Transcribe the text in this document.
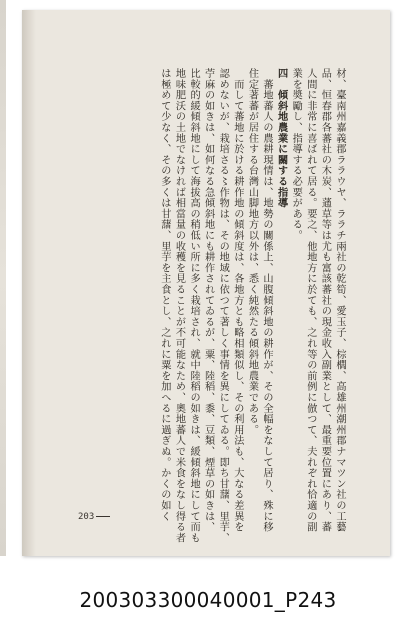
材、臺南州嘉義郡ララウヤ、ララチ兩社の乾筍、愛玉子、棕櫚、高雄州潮州郡ナマツン社の工藝

品、恒春郡各蕃社の木炭、蓪草等は尤も富該蕃社の現金收入副業として、最重要位置にあり、蕃

人間に非常に喜ばれて居る。要之、他地方に於ても、之れ等の前例に倣つて、夫れぞれ恰適の副

業を奬勵し、指導する必要がある。

四　傾斜地農業に關する指導

　蕃地蕃人の農耕現情は、地勢の關係上、山腹傾斜地の耕作が、その全幅をなして居り、殊に移

住定著蕃が居住する台灣山脚地方以外は、悉く純然たる傾斜地農業である。

　而して蕃地に於ける耕作地の傾斜度は、各地方とも略相類似し、その利用法も、大なる差異を

認めないが、栽培さる〻作物は、その地域に依つて著しく事情を異にしてゐる。即ち甘藷、里芋、

苧麻の如きは、如何なる急傾斜地にも耕作されてゐるが、粟、陸稻、黍、豆類、煙草の如きは、

比較的緩傾斜地にして海拔高の稍低い所に多く栽培され、就中陸稻の如きは、緩傾斜地にして而も

地味肥沃の土地でなければ相當量の收穫を見ることが不可能なため、奧地蕃人で米食をなし得る者

は極めて少なく、その多くは甘藷、里芋を主食とし、之れに粟を加へるに過ぎぬ。かくの如く

203
200303300040001_P243
